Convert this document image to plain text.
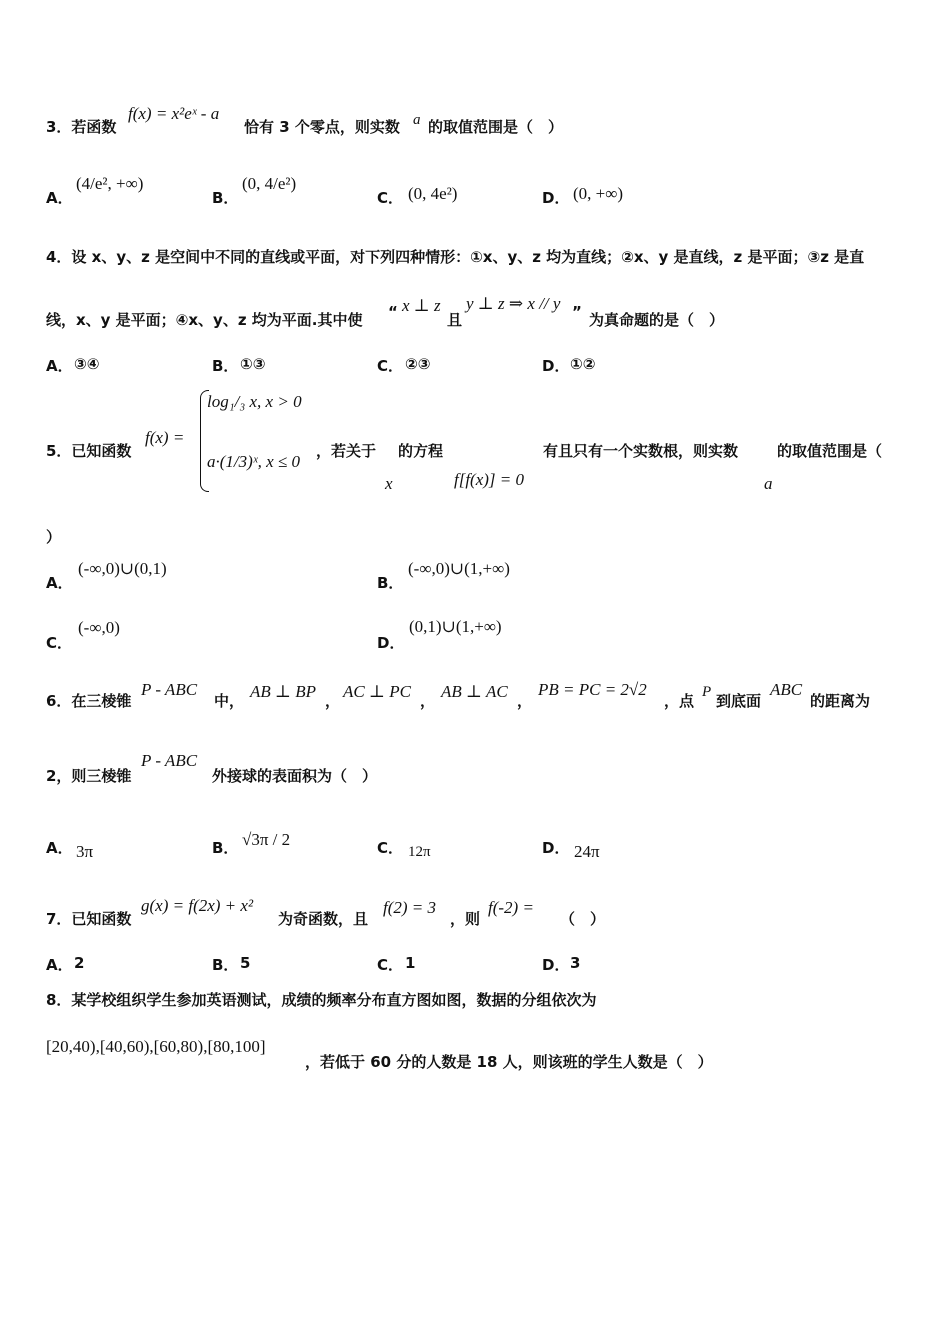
3．若函数
f(x) = x²eˣ - a
恰有 3 个零点，则实数 a 的取值范围是（　）
A．
(4/e², +∞)
B．
(0, 4/e²)
C． (0, 4e²)	D． (0, +∞)
4．设 x、y、z 是空间中不同的直线或平面，对下列四种情形：①x、y、z 均为直线；②x、y 是直线，z 是平面；③z 是直
线，x、y 是平面；④x、y、z 均为平面.其中使 “ x ⊥ z
且
y ⊥ z ⇒ x // y ” 为真命题的是（　）
A． ③④	B． ①③	C． ②③	D． ①②
5．已知函数
f(x) =
log₁/₃ x, x > 0
a·(1/3)ˣ, x ≤ 0
，若关于
x
的方程
f[f(x)] = 0
有且只有一个实数根，则实数
a
的取值范围是（
）
A．
(-∞,0)∪(0,1)
B．
(-∞,0)∪(1,+∞)
C．
(-∞,0)
D．
(0,1)∪(1,+∞)
6．在三棱锥
P - ABC
中， AB ⊥ BP ， AC ⊥ PC ， AB ⊥ AC ，
PB = PC = 2√2
，点 P 到底面
ABC
的距离为
2，则三棱锥
P - ABC
外接球的表面积为（　）
A． 3π	B． √3π / 2	C． 12π	D． 24π
7．已知函数
g(x) = f(2x) + x²
为奇函数，且
f(2) = 3
，则
f(-2) =
（　）
A． 2	B． 5	C． 1	D． 3
8．某学校组织学生参加英语测试，成绩的频率分布直方图如图，数据的分组依次为
[20,40),[40,60),[60,80),[80,100]
，若低于 60 分的人数是 18 人，则该班的学生人数是（　）
